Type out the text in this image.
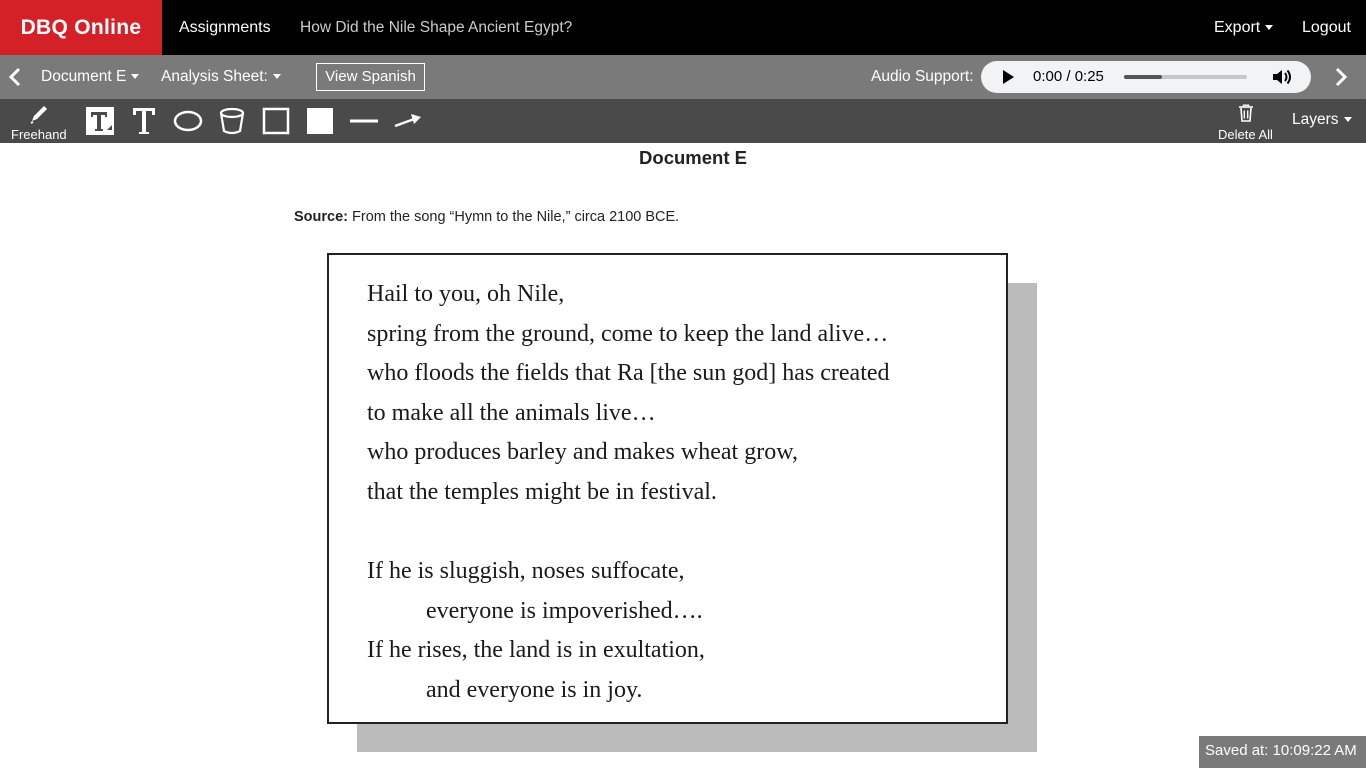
DBQ Online	Assignments How Did the Nile Shape Ancient Egypt?	Export	Logout
Document E	Analysis Sheet:	View Spanish	Audio Support:	0:00 / 0:25
Freehand	Delete All
Layers
Document E
Source: From the song “Hymn to the Nile,” circa 2100 BCE.
Hail to you, oh Nile,
spring from the ground, come to keep the land alive…
who floods the fields that Ra [the sun god] has created
to make all the animals live…
who produces barley and makes wheat grow,
that the temples might be in festival.
If he is sluggish, noses suffocate,
everyone is impoverished….
If he rises, the land is in exultation,
and everyone is in joy.
Saved at: 10:09:22 AM
